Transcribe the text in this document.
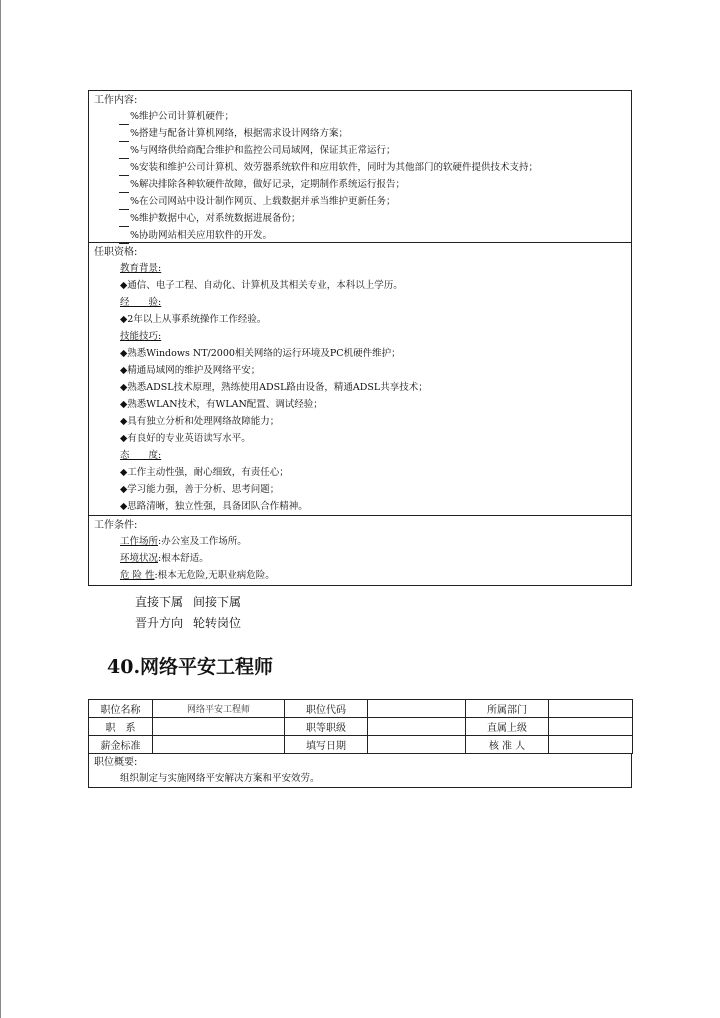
工作内容:
%维护公司计算机硬件；
%搭建与配备计算机网络，根据需求设计网络方案；
%与网络供给商配合维护和监控公司局域网，保证其正常运行；
%安装和维护公司计算机、效劳器系统软件和应用软件，同时为其他部门的软硬件提供技术支持；
%解决排除各种软硬件故障，做好记录，定期制作系统运行报告；
%在公司网站中设计制作网页、上载数据并承当维护更新任务；
%维护数据中心，对系统数据进展备份；
%协助网站相关应用软件的开发。
任职资格:
教育背景:
◆通信、电子工程、自动化、计算机及其相关专业，本科以上学历。
经　　验:
◆2年以上从事系统操作工作经验。
技能技巧:
◆熟悉Windows NT/2000相关网络的运行环境及PC机硬件维护；
◆精通局域网的维护及网络平安；
◆熟悉ADSL技术原理，熟练使用ADSL路由设备，精通ADSL共享技术；
◆熟悉WLAN技术，有WLAN配置、调试经验；
◆具有独立分析和处理网络故障能力；
◆有良好的专业英语读写水平。
态　　度:
◆工作主动性强，耐心细致，有责任心；
◆学习能力强，善于分析、思考问题；
◆思路清晰，独立性强，具备团队合作精神。
工作条件:
工作场所:办公室及工作场所。
环境状况:根本舒适。
危 险 性:根本无危险,无职业病危险。
直接下属 间接下属
晋升方向 轮转岗位
40.网络平安工程师
职位名称	网络平安工程师	职位代码		所属部门	
职　系		职等职级		直属上级	
薪金标准		填写日期		核 准 人	
职位概要:
组织制定与实施网络平安解决方案和平安效劳。
